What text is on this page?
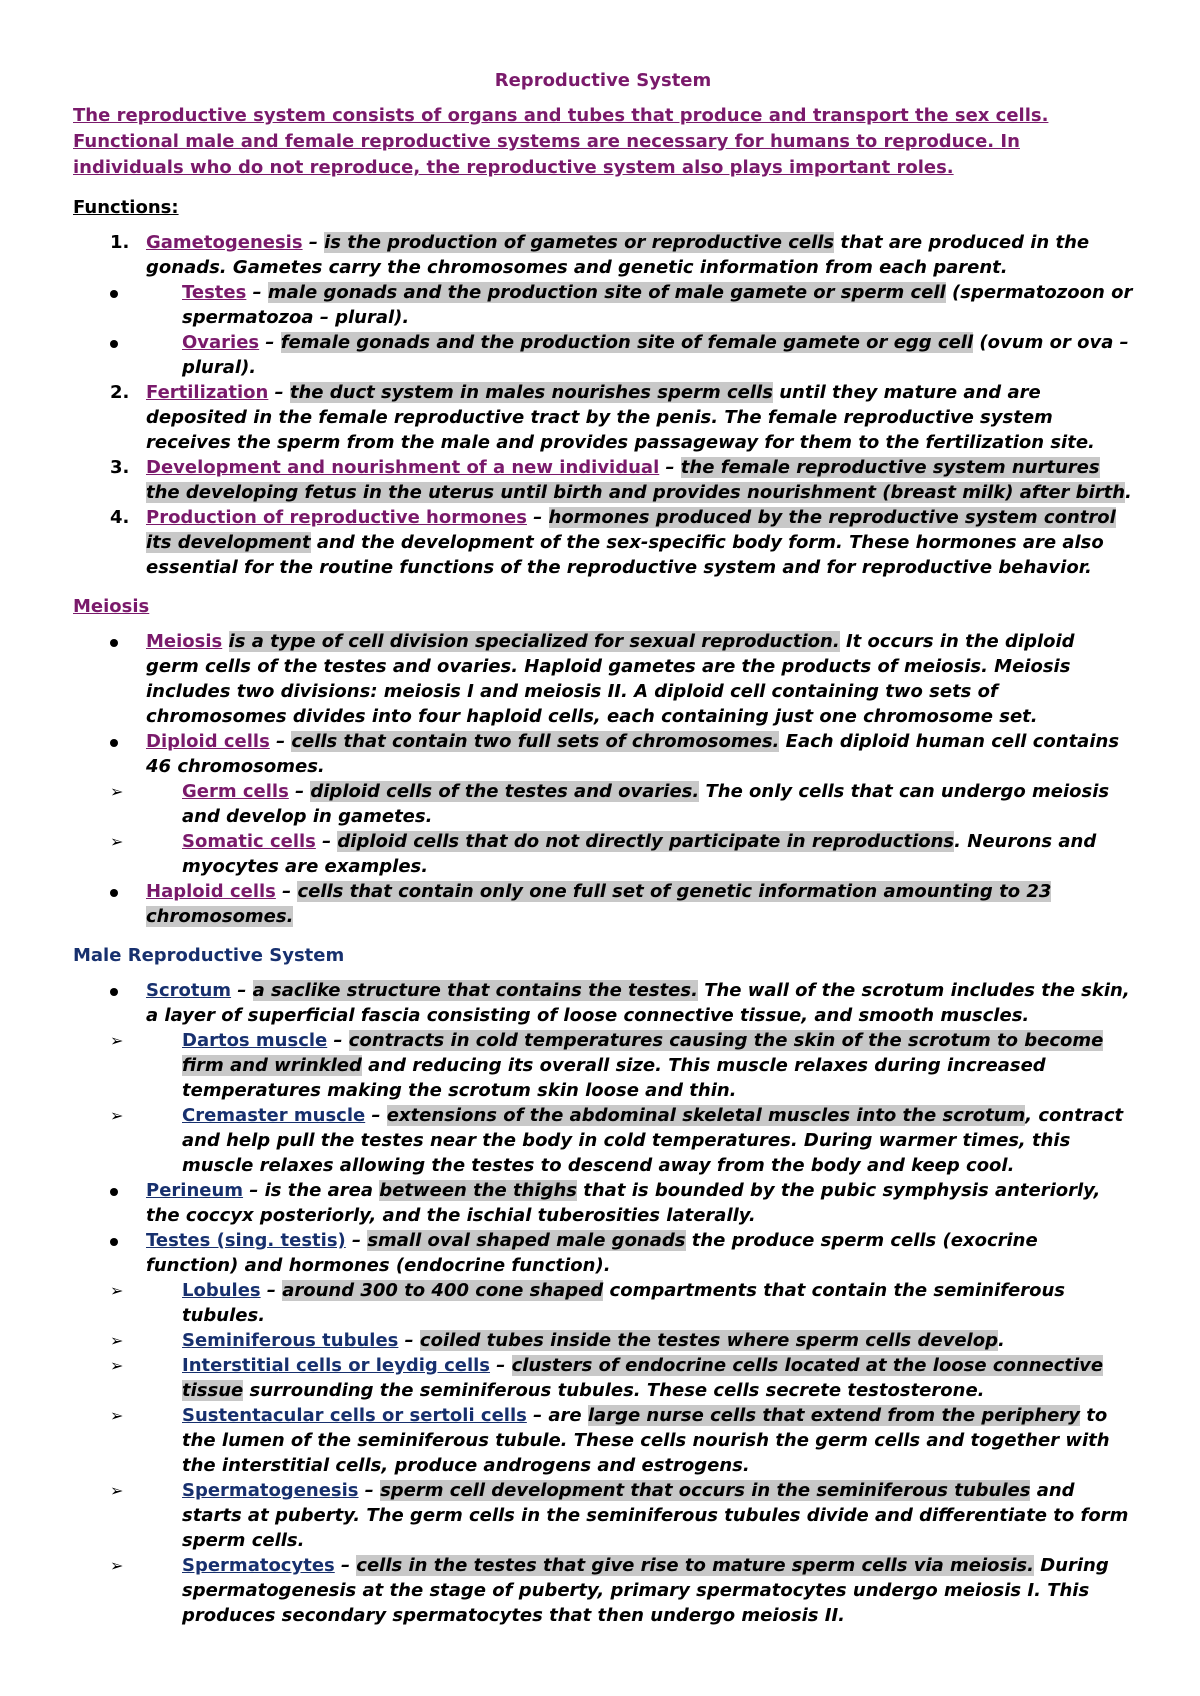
Reproductive System
The reproductive system consists of organs and tubes that produce and transport the sex cells. Functional male and female reproductive systems are necessary for humans to reproduce. In individuals who do not reproduce, the reproductive system also plays important roles.
Functions:
1. Gametogenesis – is the production of gametes or reproductive cells that are produced in the gonads. Gametes carry the chromosomes and genetic information from each parent.
Testes – male gonads and the production site of male gamete or sperm cell (spermatozoon or spermatozoa – plural).
Ovaries – female gonads and the production site of female gamete or egg cell (ovum or ova – plural).
2. Fertilization – the duct system in males nourishes sperm cells until they mature and are deposited in the female reproductive tract by the penis. The female reproductive system receives the sperm from the male and provides passageway for them to the fertilization site.
3. Development and nourishment of a new individual – the female reproductive system nurtures the developing fetus in the uterus until birth and provides nourishment (breast milk) after birth.
4. Production of reproductive hormones – hormones produced by the reproductive system control its development and the development of the sex-specific body form. These hormones are also essential for the routine functions of the reproductive system and for reproductive behavior.
Meiosis
Meiosis is a type of cell division specialized for sexual reproduction. It occurs in the diploid germ cells of the testes and ovaries. Haploid gametes are the products of meiosis. Meiosis includes two divisions: meiosis I and meiosis II. A diploid cell containing two sets of chromosomes divides into four haploid cells, each containing just one chromosome set.
Diploid cells – cells that contain two full sets of chromosomes. Each diploid human cell contains 46 chromosomes.
➢	Germ cells – diploid cells of the testes and ovaries. The only cells that can undergo meiosis and develop in gametes.
➢	Somatic cells – diploid cells that do not directly participate in reproductions. Neurons and myocytes are examples.
Haploid cells – cells that contain only one full set of genetic information amounting to 23 chromosomes.
Male Reproductive System
Scrotum – a saclike structure that contains the testes. The wall of the scrotum includes the skin, a layer of superficial fascia consisting of loose connective tissue, and smooth muscles.
➢	Dartos muscle – contracts in cold temperatures causing the skin of the scrotum to become firm and wrinkled and reducing its overall size. This muscle relaxes during increased temperatures making the scrotum skin loose and thin.
➢	Cremaster muscle – extensions of the abdominal skeletal muscles into the scrotum, contract and help pull the testes near the body in cold temperatures. During warmer times, this muscle relaxes allowing the testes to descend away from the body and keep cool.
Perineum – is the area between the thighs that is bounded by the pubic symphysis anteriorly, the coccyx posteriorly, and the ischial tuberosities laterally.
Testes (sing. testis) – small oval shaped male gonads the produce sperm cells (exocrine function) and hormones (endocrine function).
➢	Lobules – around 300 to 400 cone shaped compartments that contain the seminiferous tubules.
➢	Seminiferous tubules – coiled tubes inside the testes where sperm cells develop.
➢	Interstitial cells or leydig cells – clusters of endocrine cells located at the loose connective tissue surrounding the seminiferous tubules. These cells secrete testosterone.
➢	Sustentacular cells or sertoli cells – are large nurse cells that extend from the periphery to the lumen of the seminiferous tubule. These cells nourish the germ cells and together with the interstitial cells, produce androgens and estrogens.
➢	Spermatogenesis – sperm cell development that occurs in the seminiferous tubules and starts at puberty. The germ cells in the seminiferous tubules divide and differentiate to form sperm cells.
➢	Spermatocytes – cells in the testes that give rise to mature sperm cells via meiosis. During spermatogenesis at the stage of puberty, primary spermatocytes undergo meiosis I. This produces secondary spermatocytes that then undergo meiosis II.
